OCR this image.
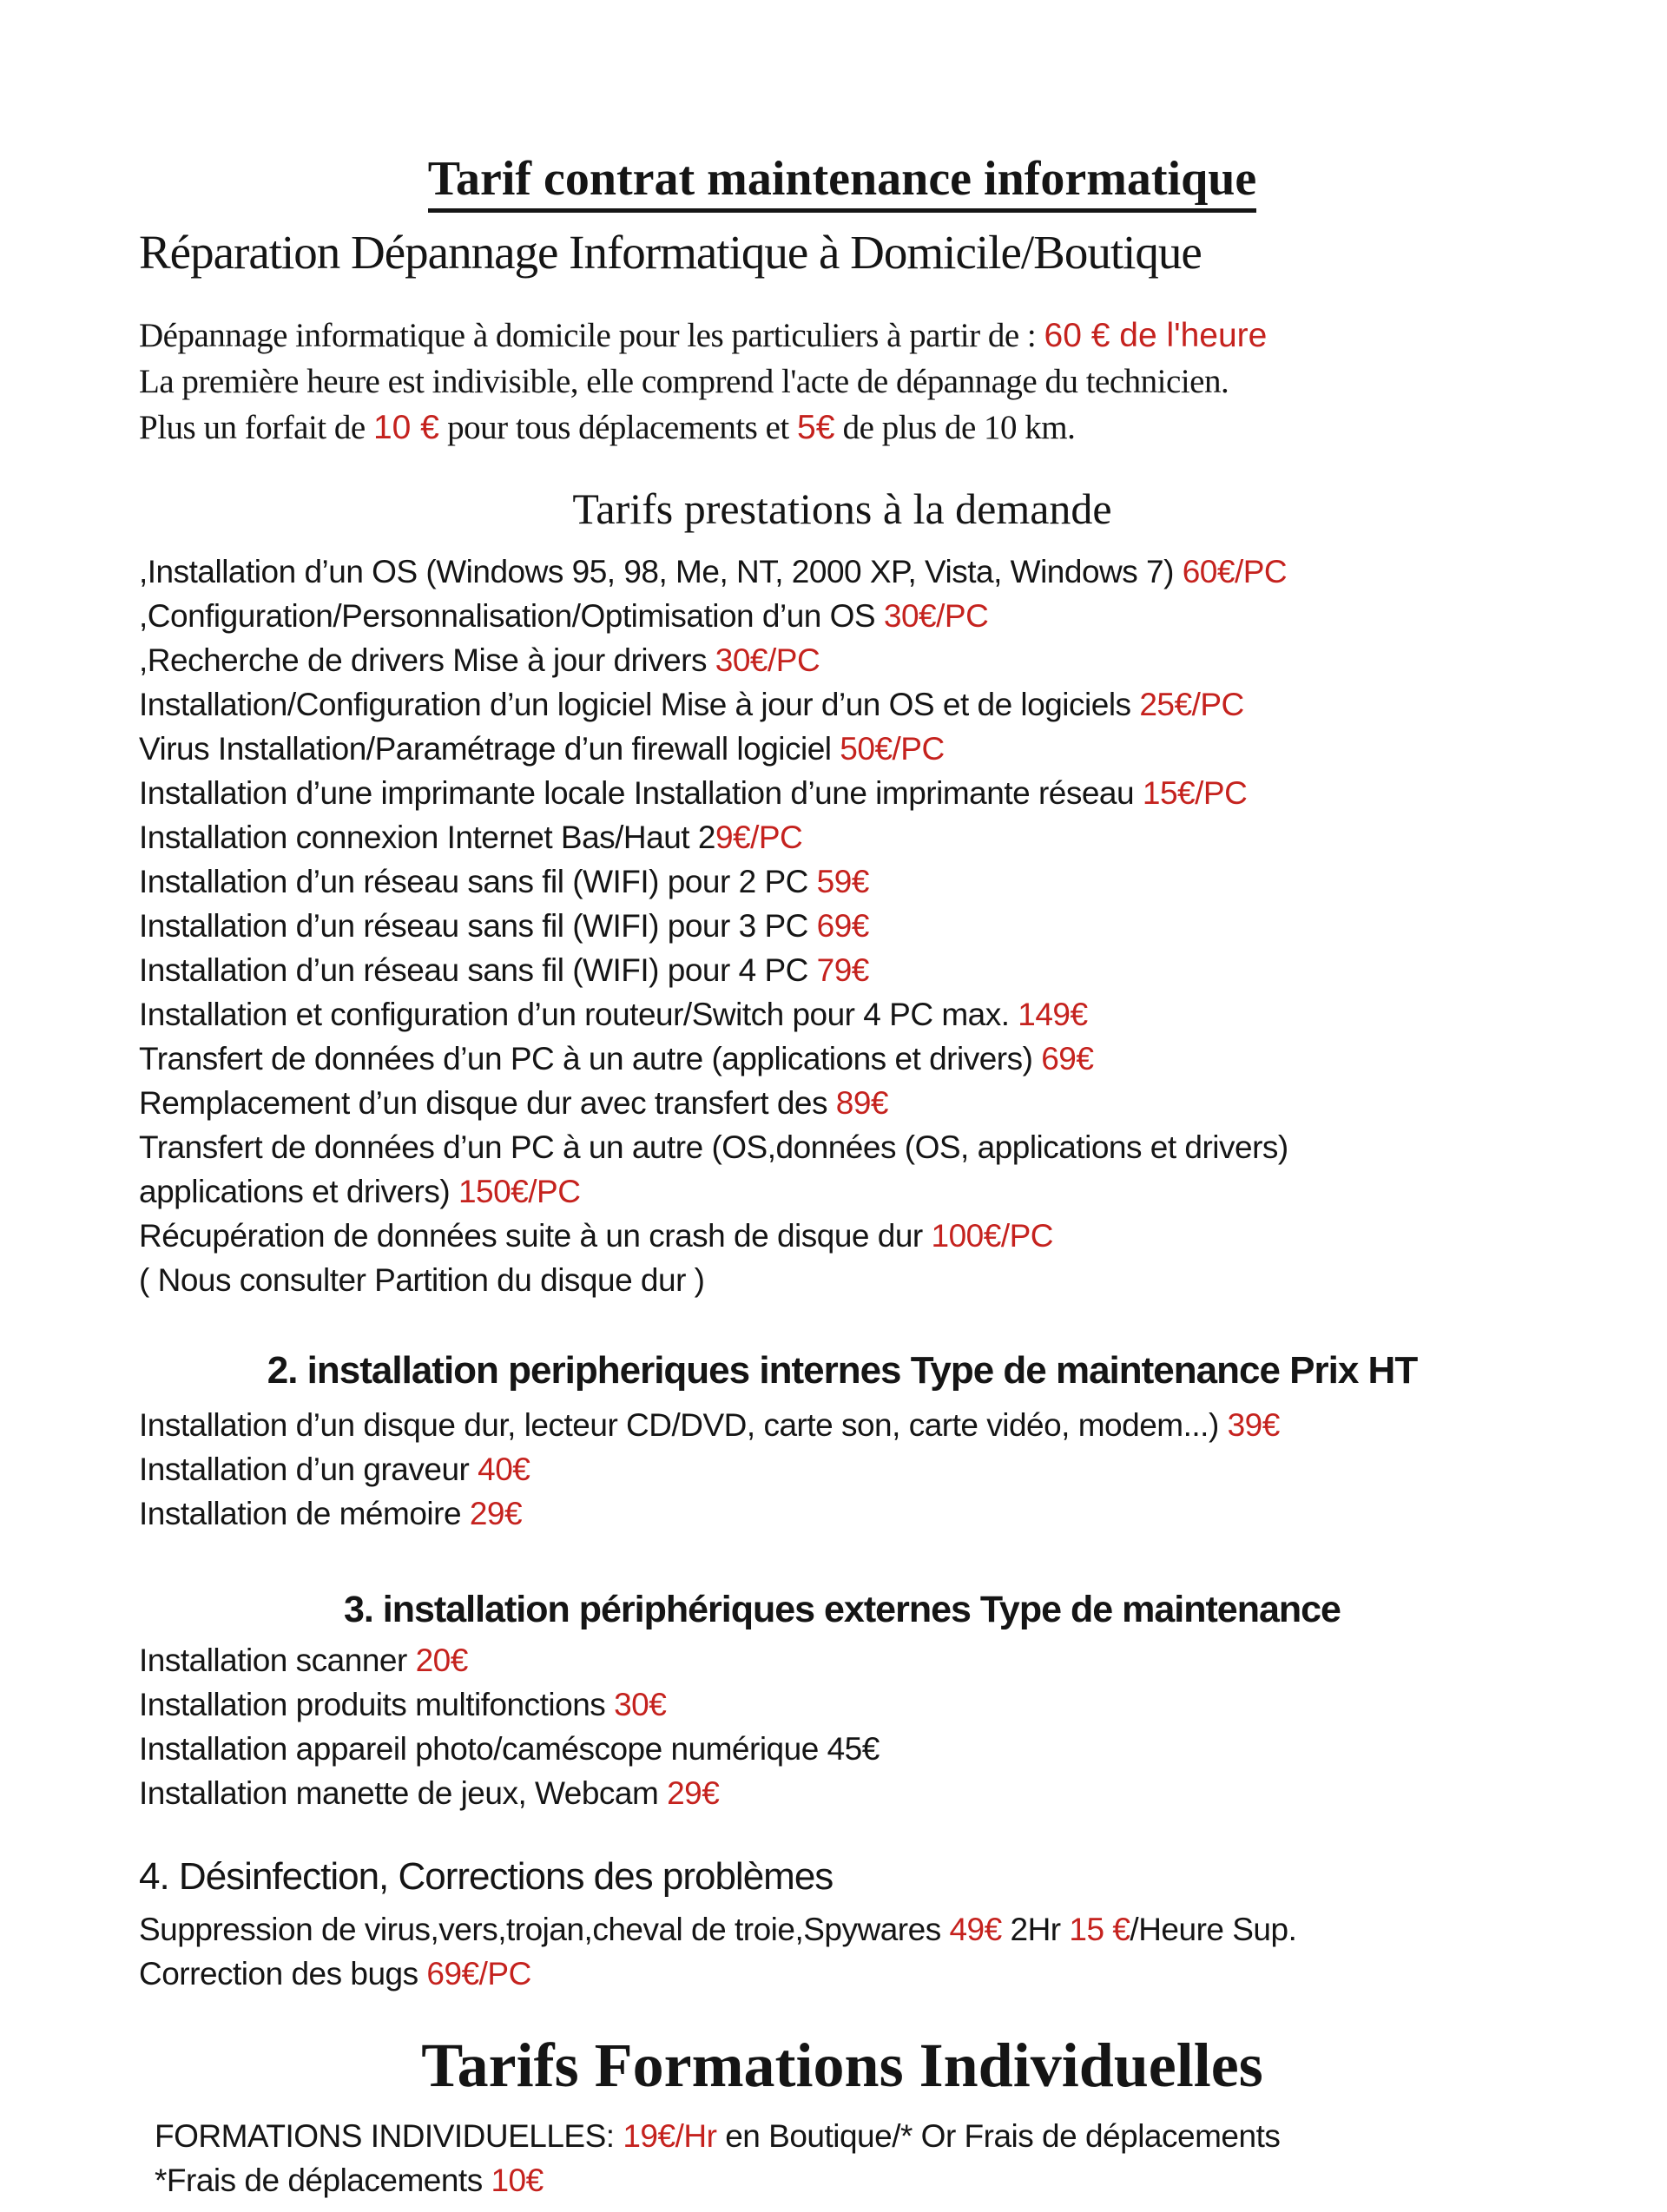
Tarif contrat maintenance informatique
Réparation Dépannage Informatique à Domicile/Boutique
Dépannage informatique à domicile pour les particuliers à partir de : 60 € de l'heure
La première heure est indivisible, elle comprend l'acte de dépannage du technicien.
Plus un forfait de 10 € pour tous déplacements et 5€ de plus de 10 km.
Tarifs prestations à la demande
,Installation d’un OS (Windows 95, 98, Me, NT, 2000 XP, Vista, Windows 7) 60€/PC
,Configuration/Personnalisation/Optimisation d’un OS 30€/PC
,Recherche de drivers Mise à jour drivers 30€/PC
Installation/Configuration d’un logiciel Mise à jour d’un OS et de logiciels 25€/PC
Virus Installation/Paramétrage d’un firewall logiciel 50€/PC
Installation d’une imprimante locale Installation d’une imprimante réseau 15€/PC
Installation connexion Internet Bas/Haut 29€/PC
Installation d’un réseau sans fil (WIFI) pour 2 PC 59€
Installation d’un réseau sans fil (WIFI) pour 3 PC 69€
Installation d’un réseau sans fil (WIFI) pour 4 PC 79€
Installation et configuration d’un routeur/Switch pour 4 PC max. 149€
Transfert de données d’un PC à un autre (applications et drivers) 69€
Remplacement d’un disque dur avec transfert des 89€
Transfert de données d’un PC à un autre (OS,données (OS, applications et drivers)
applications et drivers) 150€/PC
Récupération de données suite à un crash de disque dur 100€/PC
( Nous consulter Partition du disque dur )
2. installation peripheriques internes Type de maintenance Prix HT
Installation d’un disque dur, lecteur CD/DVD, carte son, carte vidéo, modem...) 39€
Installation d’un graveur 40€
Installation de mémoire 29€
3. installation périphériques externes Type de maintenance
Installation scanner 20€
Installation produits multifonctions 30€
Installation appareil photo/caméscope numérique 45€
Installation manette de jeux, Webcam 29€
4. Désinfection, Corrections des problèmes
Suppression de virus,vers,trojan,cheval de troie,Spywares 49€ 2Hr 15 €/Heure Sup.
Correction des bugs 69€/PC
Tarifs Formations Individuelles
FORMATIONS INDIVIDUELLES: 19€/Hr en Boutique/* Or Frais de déplacements
*Frais de déplacements 10€
